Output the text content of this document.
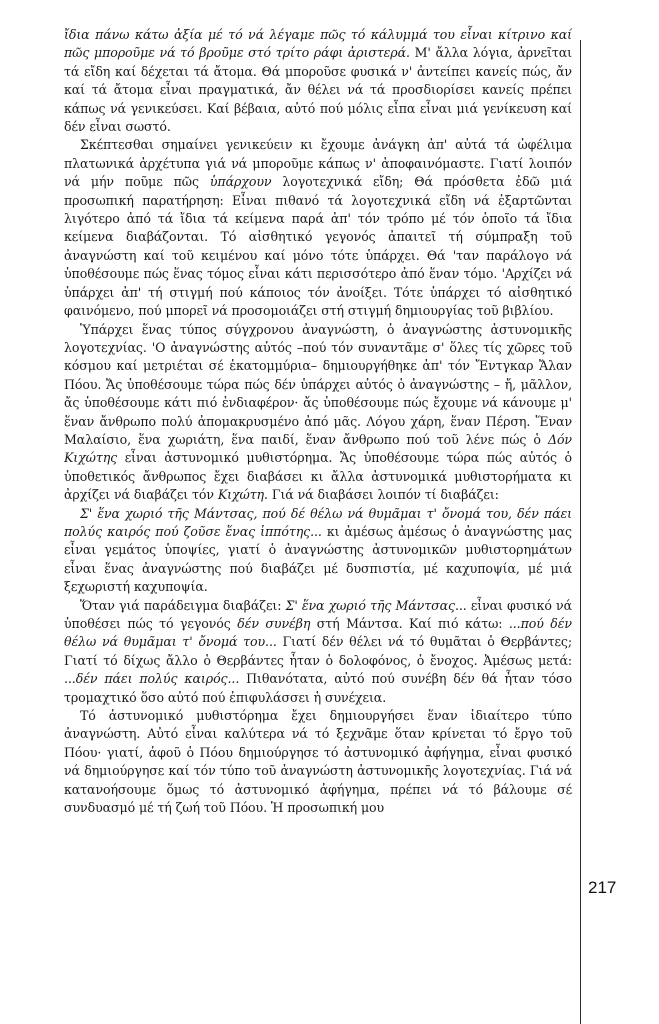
ἴδια πάνω κάτω ἀξία μέ τό νά λέγαμε πῶς τό κάλυμμά του εἶναι κίτρινο καί πῶς μποροῦμε νά τό βροῦμε στό τρίτο ράφι ἀριστερά. Μ' ἄλλα λόγια, ἀρνεῖται τά εἴδη καί δέχεται τά ἄτομα. Θά μποροῦσε φυσικά ν' ἀντείπει κανείς πώς, ἄν καί τά ἄτομα εἶναι πραγματικά, ἄν θέλει νά τά προσδιορίσει κανείς πρέπει κάπως νά γενικεύσει. Καί βέβαια, αὐτό πού μόλις εἶπα εἶναι μιά γενίκευση καί δέν εἶναι σωστό.

Σκέπτεσθαι σημαίνει γενικεύειν κι ἔχουμε ἀνάγκη ἀπ' αὐτά τά ὠφέλιμα πλατωνικά ἀρχέτυπα γιά νά μποροῦμε κάπως ν' ἀποφαινόμαστε. Γιατί λοιπόν νά μήν ποῦμε πῶς ὑπάρχουν λογοτεχνικά εἴδη; Θά πρόσθετα ἐδῶ μιά προσωπική παρατήρηση: Εἶναι πιθανό τά λογοτεχνικά εἴδη νά ἐξαρτῶνται λιγότερο ἀπό τά ἴδια τά κείμενα παρά ἀπ' τόν τρόπο μέ τόν ὁποῖο τά ἴδια κείμενα διαβάζονται. Τό αἰσθητικό γεγονός ἀπαιτεῖ τή σύμπραξη τοῦ ἀναγνώστη καί τοῦ κειμένου καί μόνο τότε ὑπάρχει. Θά 'ταν παράλογο νά ὑποθέσουμε πώς ἕνας τόμος εἶναι κάτι περισσότερο ἀπό ἕναν τόμο. 'Αρχίζει νά ὑπάρχει ἀπ' τή στιγμή πού κάποιος τόν ἀνοίξει. Τότε ὑπάρχει τό αἰσθητικό φαινόμενο, πού μπορεῖ νά προσομοιάζει στή στιγμή δημιουργίας τοῦ βιβλίου.

Ὑπάρχει ἕνας τύπος σύγχρονου ἀναγνώστη, ὁ ἀναγνώστης ἀστυνομικῆς λογοτεχνίας. 'Ο ἀναγνώστης αὐτός –πού τόν συναντᾶμε σ' ὅλες τίς χῶρες τοῦ κόσμου καί μετριέται σέ ἑκατομμύρια– δημιουργήθηκε ἀπ' τόν Ἔντγκαρ Ἄλαν Πόου. Ἄς ὑποθέσουμε τώρα πώς δέν ὑπάρχει αὐτός ὁ ἀναγνώστης – ἤ, μᾶλλον, ἄς ὑποθέσουμε κάτι πιό ἐνδιαφέρον· ἄς ὑποθέσουμε πώς ἔχουμε νά κάνουμε μ' ἕναν ἄνθρωπο πολύ ἀπομακρυσμένο ἀπό μᾶς. Λόγου χάρη, ἕναν Πέρση. Ἕναν Μαλαίσιο, ἕνα χωριάτη, ἕνα παιδί, ἕναν ἄνθρωπο πού τοῦ λένε πώς ὁ Δόν Κιχώτης εἶναι ἀστυνομικό μυθιστόρημα. Ἄς ὑποθέσουμε τώρα πώς αὐτός ὁ ὑποθετικός ἄνθρωπος ἔχει διαβάσει κι ἄλλα ἀστυνομικά μυθιστορήματα κι ἀρχίζει νά διαβάζει τόν Κιχώτη. Γιά νά διαβάσει λοιπόν τί διαβάζει:

Σ' ἕνα χωριό τῆς Μάντσας, πού δέ θέλω νά θυμᾶμαι τ' ὄνομά του, δέν πάει πολύς καιρός πού ζοῦσε ἕνας ἱππότης... κι ἀμέσως ἀμέσως ὁ ἀναγνώστης μας εἶναι γεμάτος ὑποψίες, γιατί ὁ ἀναγνώστης ἀστυνομικῶν μυθιστορημάτων εἶναι ἕνας ἀναγνώστης πού διαβάζει μέ δυσπιστία, μέ καχυποψία, μέ μιά ξεχωριστή καχυποψία.

Ὅταν γιά παράδειγμα διαβάζει: Σ' ἕνα χωριό τῆς Μάντσας... εἶναι φυσικό νά ὑποθέσει πώς τό γεγονός δέν συνέβη στή Μάντσα. Καί πιό κάτω: ...πού δέν θέλω νά θυμᾶμαι τ' ὄνομά του... Γιατί δέν θέλει νά τό θυμᾶται ὁ Θερβάντες; Γιατί τό δίχως ἄλλο ὁ Θερβάντες ἦταν ὁ δολοφόνος, ὁ ἔνοχος. Ἀμέσως μετά: ...δέν πάει πολύς καιρός... Πιθανότατα, αὐτό πού συνέβη δέν θά ἦταν τόσο τρομαχτικό ὅσο αὐτό πού ἐπιφυλάσσει ἡ συνέχεια.

Τό ἀστυνομικό μυθιστόρημα ἔχει δημιουργήσει ἕναν ἰδιαίτερο τύπο ἀναγνώστη. Αὐτό εἶναι καλύτερα νά τό ξεχνᾶμε ὅταν κρίνεται τό ἔργο τοῦ Πόου· γιατί, ἀφοῦ ὁ Πόου δημιούργησε τό ἀστυνομικό ἀφήγημα, εἶναι φυσικό νά δημιούργησε καί τόν τύπο τοῦ ἀναγνώστη ἀστυνομικῆς λογοτεχνίας. Γιά νά κατανοήσουμε ὅμως τό ἀστυνομικό ἀφήγημα, πρέπει νά τό βάλουμε σέ συνδυασμό μέ τή ζωή τοῦ Πόου. Ἡ προσωπική μου

217
